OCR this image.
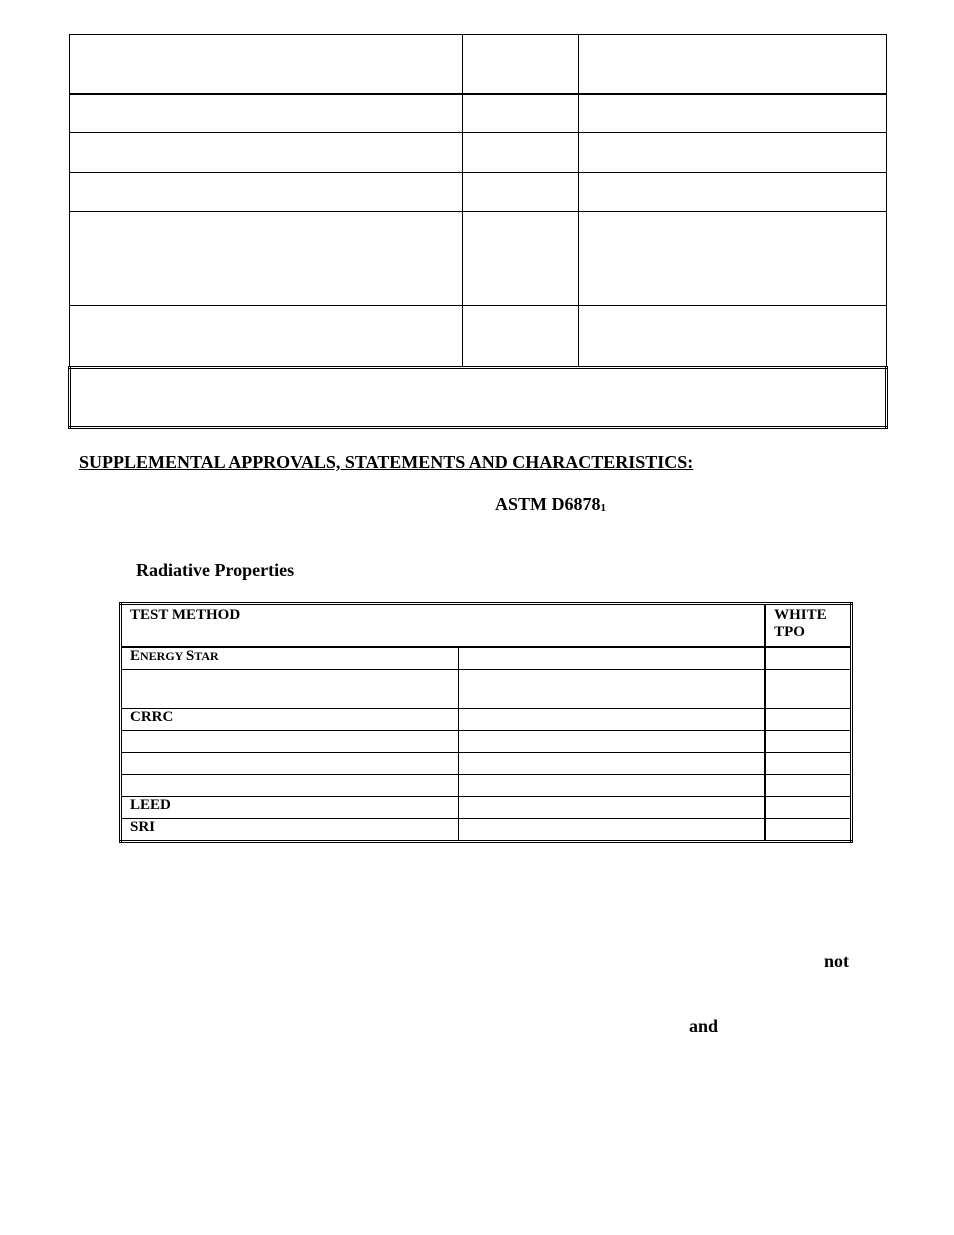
SUPPLEMENTAL APPROVALS, STATEMENTS AND CHARACTERISTICS:
ASTM $D6878_1$
Radiative Properties
TEST METHOD		WHITE
TPO
ENERGY STAR		

CRRC		

LEED		
SRI		
not
and
